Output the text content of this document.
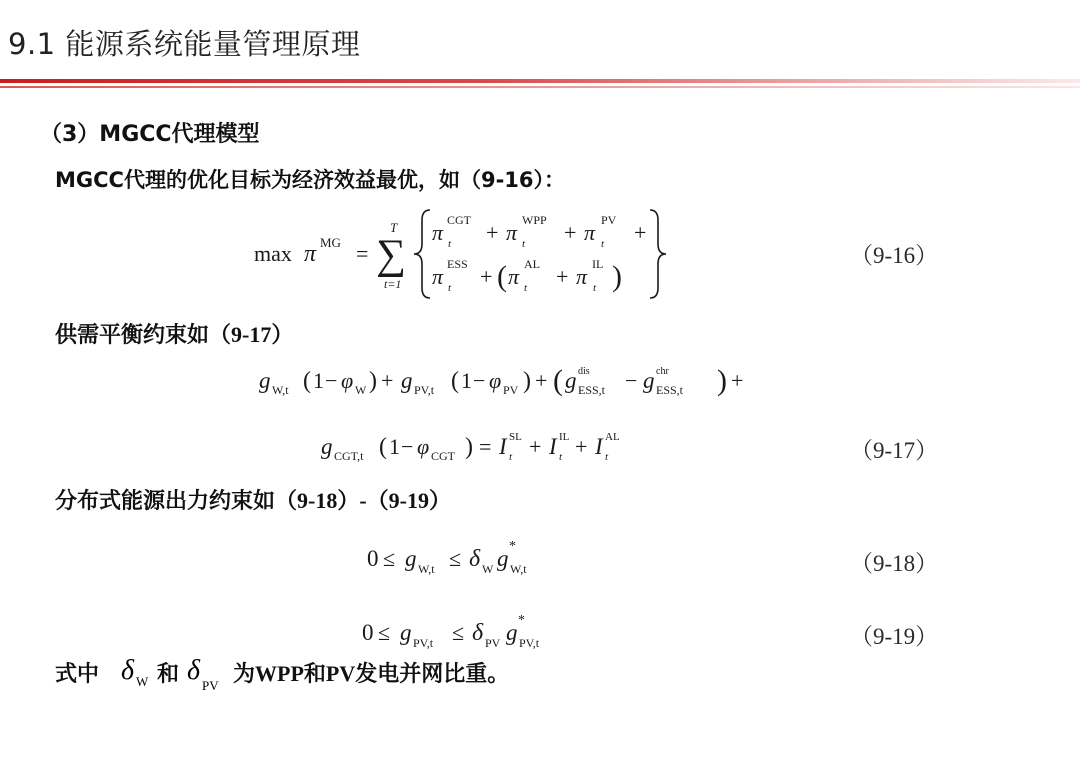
9.1 能源系统能量管理原理
（3）MGCC代理模型
MGCC代理的优化目标为经济效益最优，如（9-16）：
max π MG =
T
∑
t=1
π CGT
t + π WPP
t + π PV
t +
π ESS
t + ( π AL
t + π IL
t )
（9-16）
供需平衡约束如（9-17）
g W,t ( 1 − φ W ) + g PV,t ( 1 − φ PV ) + ( g dis
ESS,t − g chr
ESS,t ) +
g CGT,t ( 1 − φ CGT ) = I SL
t + I IL
t + I AL
t	（9-17）
分布式能源出力约束如（9-18）-（9-19）
0 ≤ g W,t ≤ δ W g *
W,t	（9-18）
0 ≤ g PV,t ≤ δ PV g *
PV,t	（9-19）
式中 δ W 和 δ PV 为WPP和PV发电并网比重。
